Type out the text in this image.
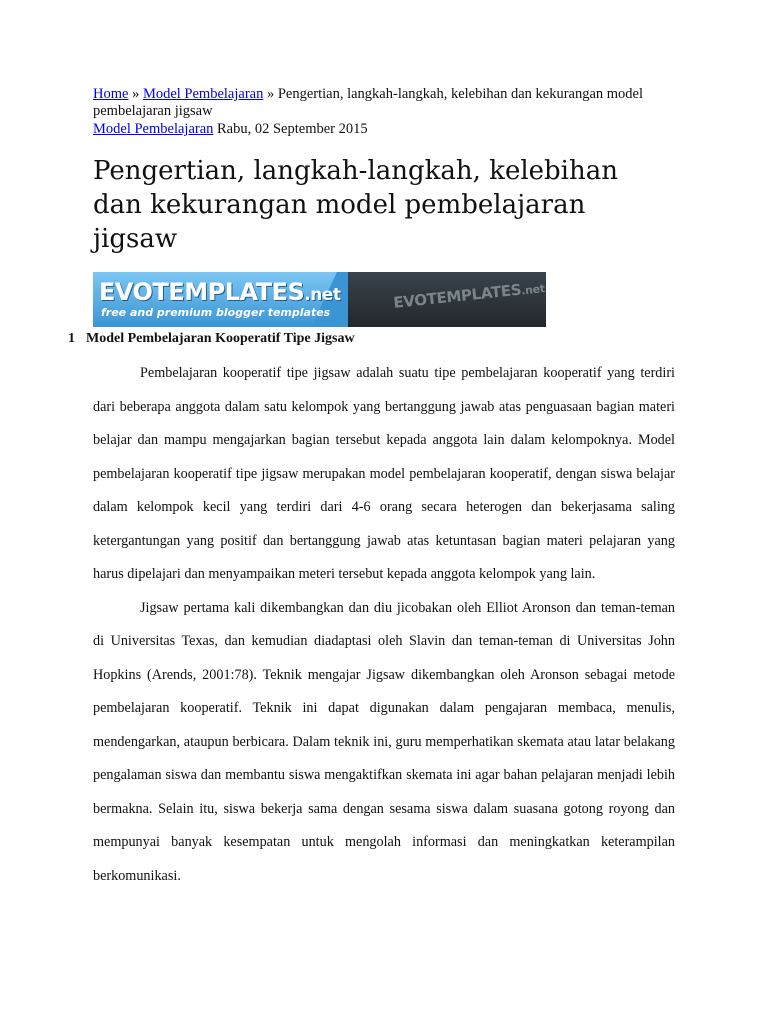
Home » Model Pembelajaran » Pengertian, langkah-langkah, kelebihan dan kekurangan model pembelajaran jigsaw
Model Pembelajaran Rabu, 02 September 2015
Pengertian, langkah-langkah, kelebihan dan kekurangan model pembelajaran jigsaw
EVOTEMPLATES.net
free and premium blogger templates
EVOTEMPLATES.net
1 Model Pembelajaran Kooperatif Tipe Jigsaw

Pembelajaran kooperatif tipe jigsaw adalah suatu tipe pembelajaran kooperatif yang terdiri dari beberapa anggota dalam satu kelompok yang bertanggung jawab atas penguasaan bagian materi belajar dan mampu mengajarkan bagian tersebut kepada anggota lain dalam kelompoknya. Model pembelajaran kooperatif tipe jigsaw merupakan model pembelajaran kooperatif, dengan siswa belajar dalam kelompok kecil yang terdiri dari 4-6 orang secara heterogen dan bekerjasama saling ketergantungan yang positif dan bertanggung jawab atas ketuntasan bagian materi pelajaran yang harus dipelajari dan menyampaikan meteri tersebut kepada anggota kelompok yang lain.

Jigsaw pertama kali dikembangkan dan diu jicobakan oleh Elliot Aronson dan teman-teman di Universitas Texas, dan kemudian diadaptasi oleh Slavin dan teman-teman di Universitas John Hopkins (Arends, 2001:78). Teknik mengajar Jigsaw dikembangkan oleh Aronson sebagai metode pembelajaran kooperatif. Teknik ini dapat digunakan dalam pengajaran membaca, menulis, mendengarkan, ataupun berbicara. Dalam teknik ini, guru memperhatikan skemata atau latar belakang pengalaman siswa dan membantu siswa mengaktifkan skemata ini agar bahan pelajaran menjadi lebih bermakna. Selain itu, siswa bekerja sama dengan sesama siswa dalam suasana gotong royong dan mempunyai banyak kesempatan untuk mengolah informasi dan meningkatkan keterampilan berkomunikasi.
